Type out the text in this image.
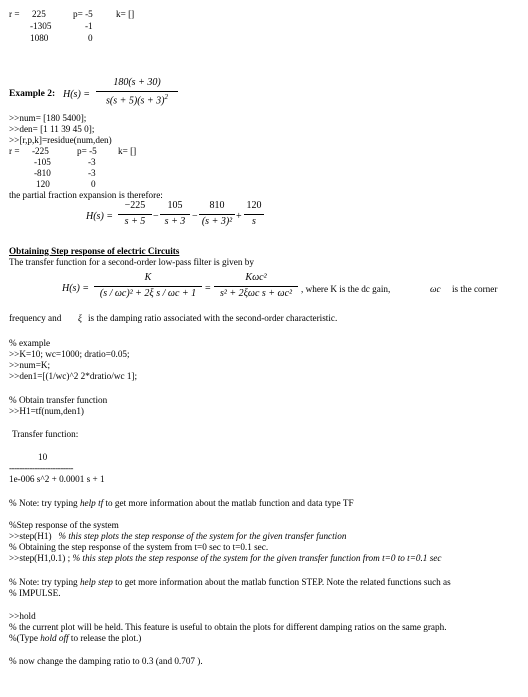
r = 225
-1305
1080
p= -5
-1
0
k= []
Example 2: H(s) =
180(s + 30)
$s(s + 5)(s + 3)^2$
>>num= [180 5400];
>>den= [1 11 39 45 0];
>>[r,p,k]=residue(num,den)
r = -225
-105
-810
120
p= -5
-3
-3
0
k= []
the partial fraction expansion is therefore:
H(s) =
−225
s + 5 −
105
s + 3 −
810
(s + 3)² +
120
s
Obtaining Step response of electric Circuits
The transfer function for a second-order low-pass filter is given by
H(s) =
K
(s / ωc)² + 2ξ s / ωc + 1 =
Kωc²
s² + 2ξωc s + ωc² , where K is the dc gain,	ωc is the corner
frequency and ξ is the damping ratio associated with the second-order characteristic.
% example
>>K=10; wc=1000; dratio=0.05;
>>num=K;
>>den1=[(1/wc)^2 2*dratio/wc 1];
% Obtain transfer function
>>H1=tf(num,den1)
Transfer function:
10
-------------------------
1e-006 s^2 + 0.0001 s + 1
% Note: try typing help tf to get more information about the matlab function and data type TF
%Step response of the system
>>step(H1) % this step plots the step response of the system for the given transfer function
% Obtaining the step response of the system from t=0 sec to t=0.1 sec.
>>step(H1,0.1) ; % this step plots the step response of the system for the given transfer function from t=0 to t=0.1 sec
% Note: try typing help step to get more information about the matlab function STEP. Note the related functions such as
% IMPULSE.
>>hold
% the current plot will be held. This feature is useful to obtain the plots for different damping ratios on the same graph.
%(Type hold off to release the plot.)
% now change the damping ratio to 0.3 (and 0.707 ).
